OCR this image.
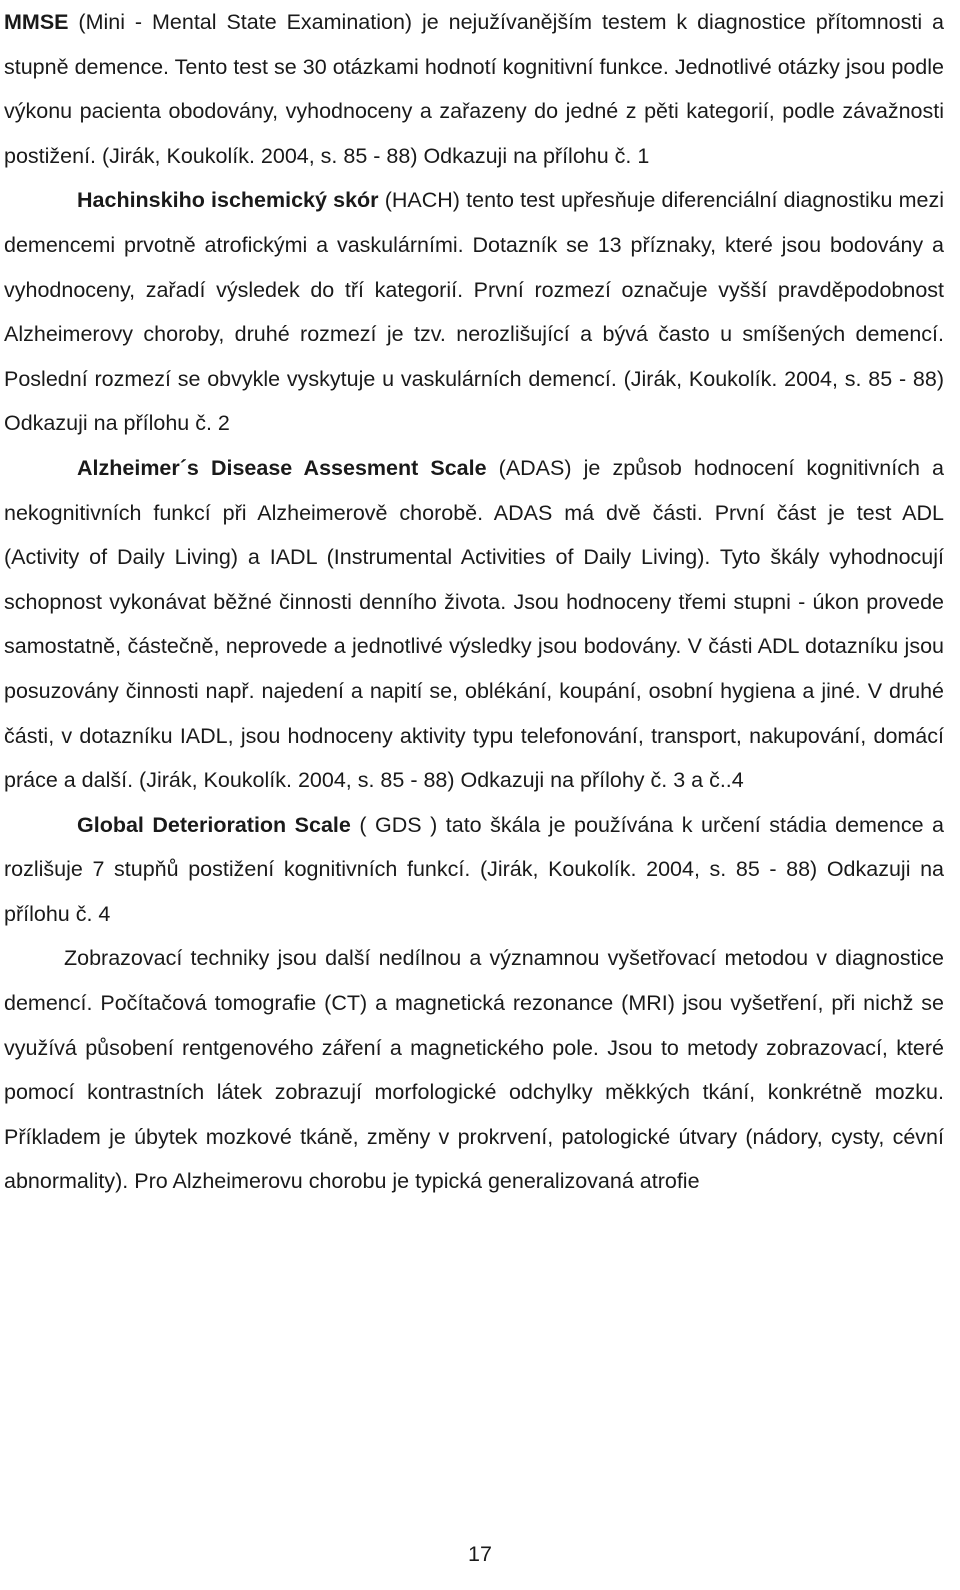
MMSE (Mini - Mental State Examination) je nejužívanějším testem k diagnostice přítomnosti a stupně demence. Tento test se 30 otázkami hodnotí kognitivní funkce. Jednotlivé otázky jsou podle výkonu pacienta obodovány, vyhodnoceny a zařazeny do jedné z pěti kategorií, podle závažnosti postižení. (Jirák, Koukolík. 2004, s. 85 - 88) Odkazuji na přílohu č. 1

Hachinskiho ischemický skór (HACH) tento test upřesňuje diferenciální diagnostiku mezi demencemi prvotně atrofickými a vaskulárními. Dotazník se 13 příznaky, které jsou bodovány a vyhodnoceny, zařadí výsledek do tří kategorií. První rozmezí označuje vyšší pravděpodobnost Alzheimerovy choroby, druhé rozmezí je tzv. nerozlišující a bývá často u smíšených demencí. Poslední rozmezí se obvykle vyskytuje u vaskulárních demencí. (Jirák, Koukolík. 2004, s. 85 - 88) Odkazuji na přílohu č. 2

Alzheimer´s Disease Assesment Scale (ADAS) je způsob hodnocení kognitivních a nekognitivních funkcí při Alzheimerově chorobě. ADAS má dvě části. První část je test ADL (Activity of Daily Living) a IADL (Instrumental Activities of Daily Living). Tyto škály vyhodnocují schopnost vykonávat běžné činnosti denního života. Jsou hodnoceny třemi stupni - úkon provede samostatně, částečně, neprovede a jednotlivé výsledky jsou bodovány. V části ADL dotazníku jsou posuzovány činnosti např. najedení a napití se, oblékání, koupání, osobní hygiena a jiné. V druhé části, v dotazníku IADL, jsou hodnoceny aktivity typu telefonování, transport, nakupování, domácí práce a další. (Jirák, Koukolík. 2004, s. 85 - 88) Odkazuji na přílohy č. 3 a č..4

Global Deterioration Scale ( GDS ) tato škála je používána k určení stádia demence a rozlišuje 7 stupňů postižení kognitivních funkcí. (Jirák, Koukolík. 2004, s. 85 - 88) Odkazuji na přílohu č. 4

Zobrazovací techniky jsou další nedílnou a významnou vyšetřovací metodou v diagnostice demencí. Počítačová tomografie (CT) a magnetická rezonance (MRI) jsou vyšetření, při nichž se využívá působení rentgenového záření a magnetického pole. Jsou to metody zobrazovací, které pomocí kontrastních látek zobrazují morfologické odchylky měkkých tkání, konkrétně mozku. Příkladem je úbytek mozkové tkáně, změny v prokrvení, patologické útvary (nádory, cysty, cévní abnormality). Pro Alzheimerovu chorobu je typická generalizovaná atrofie

17
